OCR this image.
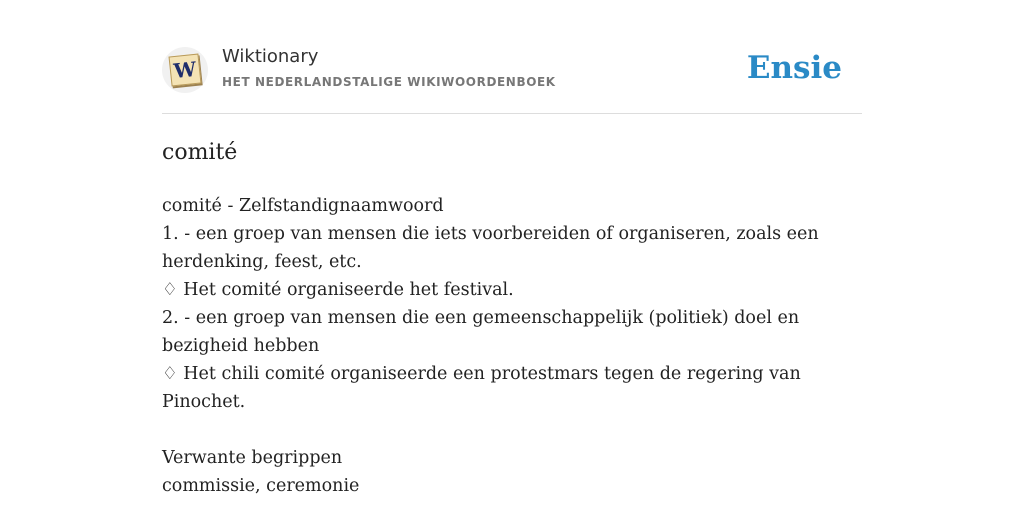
W
Wiktionary
HET NEDERLANDSTALIGE WIKIWOORDENBOEK	Ensie
comité

comité - Zelfstandignaamwoord

1. - een groep van mensen die iets voorbereiden of organiseren, zoals een herdenking, feest, etc.

♢ Het comité organiseerde het festival.

2. - een groep van mensen die een gemeenschappelijk (politiek) doel en bezigheid hebben

♢ Het chili comité organiseerde een protestmars tegen de regering van Pinochet.

Verwante begrippen

commissie, ceremonie
